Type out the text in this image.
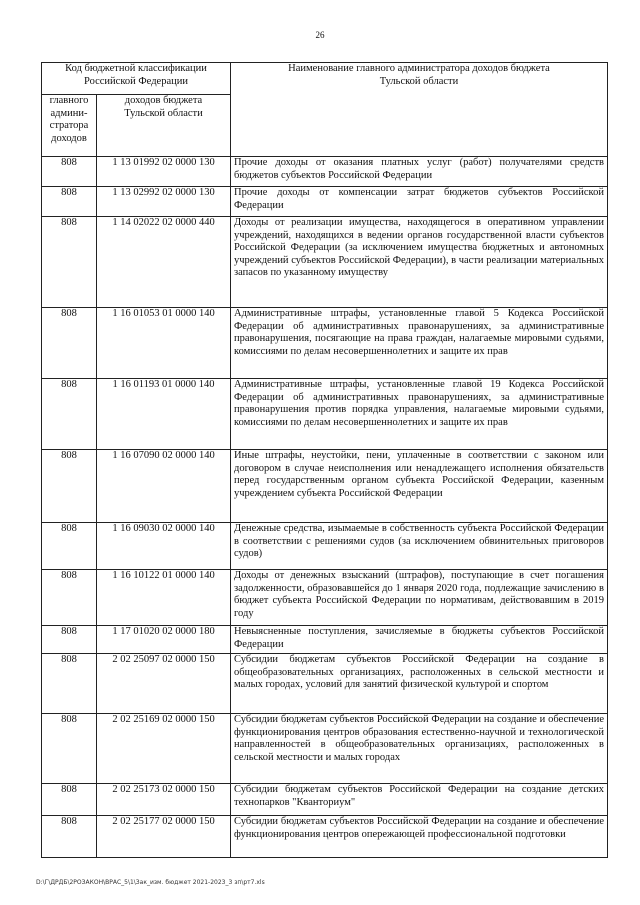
26
Код бюджетной классификации Российской Федерации		Наименование главного администратора доходов бюджета Тульской области
главного админи-стратора доходов	доходов бюджета Тульской области	
808	1 13 01992 02 0000 130	Прочие доходы от оказания платных услуг (работ) получателями средств бюджетов субъектов Российской Федерации
808	1 13 02992 02 0000 130	Прочие доходы от компенсации затрат бюджетов субъектов Российской Федерации
808	1 14 02022 02 0000 440	Доходы от реализации имущества, находящегося в оперативном управлении учреждений, находящихся в ведении органов государственной власти субъектов Российской Федерации (за исключением имущества бюджетных и автономных учреждений субъектов Российской Федерации), в части реализации материальных запасов по указанному имуществу
808	1 16 01053 01 0000 140	Административные штрафы, установленные главой 5 Кодекса Российской Федерации об административных правонарушениях, за административные правонарушения, посягающие на права граждан, налагаемые мировыми судьями, комиссиями по делам несовершеннолетних и защите их прав
808	1 16 01193 01 0000 140	Административные штрафы, установленные главой 19 Кодекса Российской Федерации об административных правонарушениях, за административные правонарушения против порядка управления, налагаемые мировыми судьями, комиссиями по делам несовершеннолетних и защите их прав
808	1 16 07090 02 0000 140	Иные штрафы, неустойки, пени, уплаченные в соответствии с законом или договором в случае неисполнения или ненадлежащего исполнения обязательств перед государственным органом субъекта Российской Федерации, казенным учреждением субъекта Российской Федерации
808	1 16 09030 02 0000 140	Денежные средства, изымаемые в собственность субъекта Российской Федерации в соответствии с решениями судов (за исключением обвинительных приговоров судов)
808	1 16 10122 01 0000 140	Доходы от денежных взысканий (штрафов), поступающие в счет погашения задолженности, образовавшейся до 1 января 2020 года, подлежащие зачислению в бюджет субъекта Российской Федерации по нормативам, действовавшим в 2019 году
808	1 17 01020 02 0000 180	Невыясненные поступления, зачисляемые в бюджеты субъектов Российской Федерации
808	2 02 25097 02 0000 150	Субсидии бюджетам субъектов Российской Федерации на создание в общеобразовательных организациях, расположенных в сельской местности и малых городах, условий для занятий физической культурой и спортом
808	2 02 25169 02 0000 150	Субсидии бюджетам субъектов Российской Федерации на создание и обеспечение функционирования центров образования естественно-научной и технологической направленностей в общеобразовательных организациях, расположенных в сельской местности и малых городах
808	2 02 25173 02 0000 150	Субсидии бюджетам субъектов Российской Федерации на создание детских технопарков "Кванториум"
808	2 02 25177 02 0000 150	Субсидии бюджетам субъектов Российской Федерации на создание и обеспечение функционирования центров опережающей профессиональной подготовки
D:\Г\ДРДБ\2РОЗАКОН\ВРАС_5\1\Зак_изм. бюджет 2021-2023_3 зп\рт7.xls
